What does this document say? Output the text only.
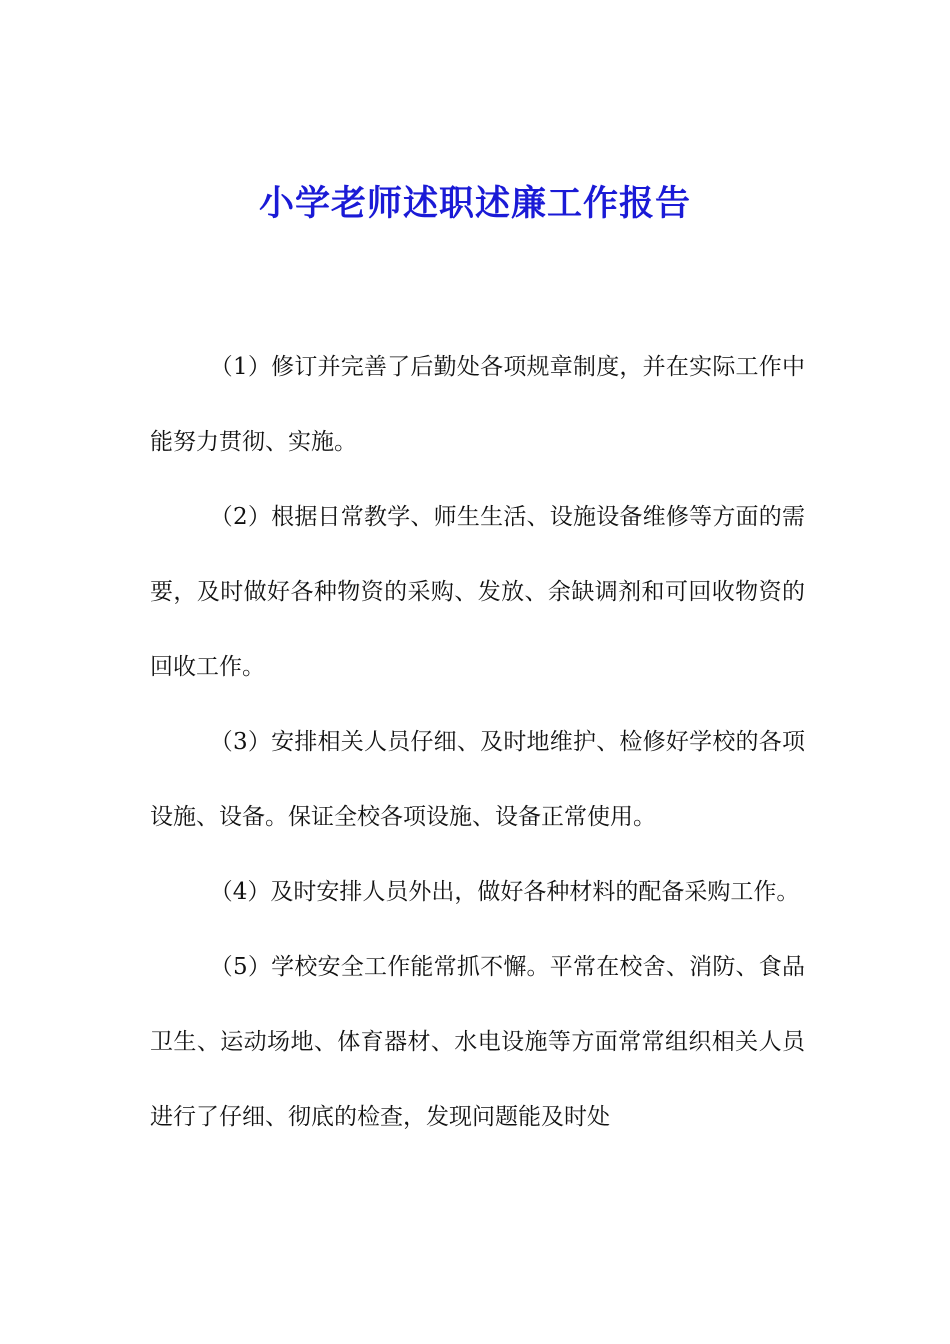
小学老师述职述廉工作报告

（1）修订并完善了后勤处各项规章制度，并在实际工作中能努力贯彻、实施。

（2）根据日常教学、师生生活、设施设备维修等方面的需要，及时做好各种物资的采购、发放、余缺调剂和可回收物资的回收工作。

（3）安排相关人员仔细、及时地维护、检修好学校的各项设施、设备。保证全校各项设施、设备正常使用。

（4）及时安排人员外出，做好各种材料的配备采购工作。

（5）学校安全工作能常抓不懈。平常在校舍、消防、食品卫生、运动场地、体育器材、水电设施等方面常常组织相关人员进行了仔细、彻底的检查，发现问题能及时处
